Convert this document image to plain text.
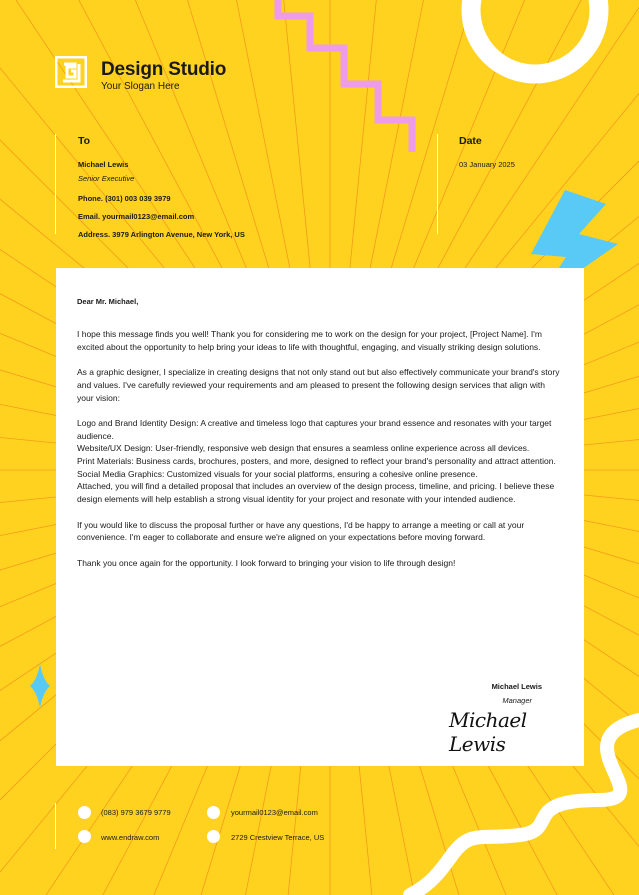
Design Studio
Your Slogan Here
To
Michael Lewis
Senior Executive
Phone. (301) 003 039 3979
Email. yourmail0123@email.com
Address. 3979 Arlington Avenue, New York, US
Date
03 January 2025
Dear Mr. Michael,

I hope this message finds you well! Thank you for considering me to work on the design for your project, [Project Name]. I'm excited about the opportunity to help bring your ideas to life with thoughtful, engaging, and visually striking design solutions.

As a graphic designer, I specialize in creating designs that not only stand out but also effectively communicate your brand's story and values. I've carefully reviewed your requirements and am pleased to present the following design services that align with your vision:

Logo and Brand Identity Design: A creative and timeless logo that captures your brand essence and resonates with your target audience.

Website/UX Design: User-friendly, responsive web design that ensures a seamless online experience across all devices.

Print Materials: Business cards, brochures, posters, and more, designed to reflect your brand's personality and attract attention.

Social Media Graphics: Customized visuals for your social platforms, ensuring a cohesive online presence.

Attached, you will find a detailed proposal that includes an overview of the design process, timeline, and pricing. I believe these design elements will help establish a strong visual identity for your project and resonate with your intended audience.

If you would like to discuss the proposal further or have any questions, I'd be happy to arrange a meeting or call at your convenience. I'm eager to collaborate and ensure we're aligned on your expectations before moving forward.

Thank you once again for the opportunity. I look forward to bringing your vision to life through design!

Michael Lewis
Manager
Michael Lewis
(083) 979 3679 9779
www.endraw.com
yourmail0123@email.com
2729 Crestview Terrace, US
